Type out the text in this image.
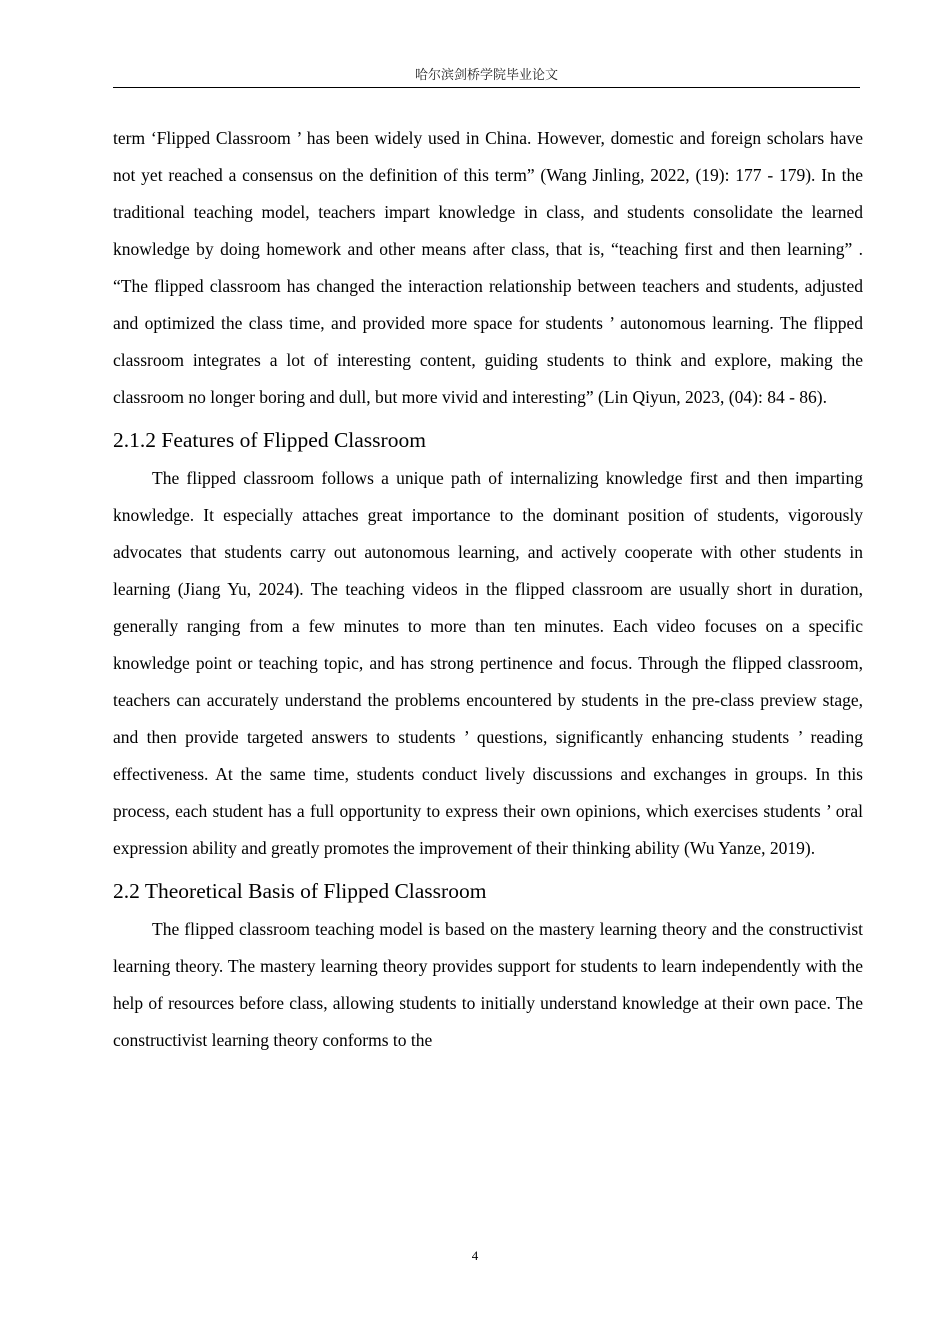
哈尔滨剑桥学院毕业论文

term ‘Flipped Classroom ’ has been widely used in China. However, domestic and foreign scholars have not yet reached a consensus on the definition of this term” (Wang Jinling, 2022, (19): 177 - 179). In the traditional teaching model, teachers impart knowledge in class, and students consolidate the learned knowledge by doing homework and other means after class, that is, “teaching first and then learning” . “The flipped classroom has changed the interaction relationship between teachers and students, adjusted and optimized the class time, and provided more space for students ’ autonomous learning. The flipped classroom integrates a lot of interesting content, guiding students to think and explore, making the classroom no longer boring and dull, but more vivid and interesting” (Lin Qiyun, 2023, (04): 84 - 86).

2.1.2 Features of Flipped Classroom

The flipped classroom follows a unique path of internalizing knowledge first and then imparting knowledge. It especially attaches great importance to the dominant position of students, vigorously advocates that students carry out autonomous learning, and actively cooperate with other students in learning (Jiang Yu, 2024). The teaching videos in the flipped classroom are usually short in duration, generally ranging from a few minutes to more than ten minutes. Each video focuses on a specific knowledge point or teaching topic, and has strong pertinence and focus. Through the flipped classroom, teachers can accurately understand the problems encountered by students in the pre-class preview stage, and then provide targeted answers to students ’ questions, significantly enhancing students ’ reading effectiveness. At the same time, students conduct lively discussions and exchanges in groups. In this process, each student has a full opportunity to express their own opinions, which exercises students ’ oral expression ability and greatly promotes the improvement of their thinking ability (Wu Yanze, 2019).

2.2 Theoretical Basis of Flipped Classroom

The flipped classroom teaching model is based on the mastery learning theory and the constructivist learning theory. The mastery learning theory provides support for students to learn independently with the help of resources before class, allowing students to initially understand knowledge at their own pace. The constructivist learning theory conforms to the

4
